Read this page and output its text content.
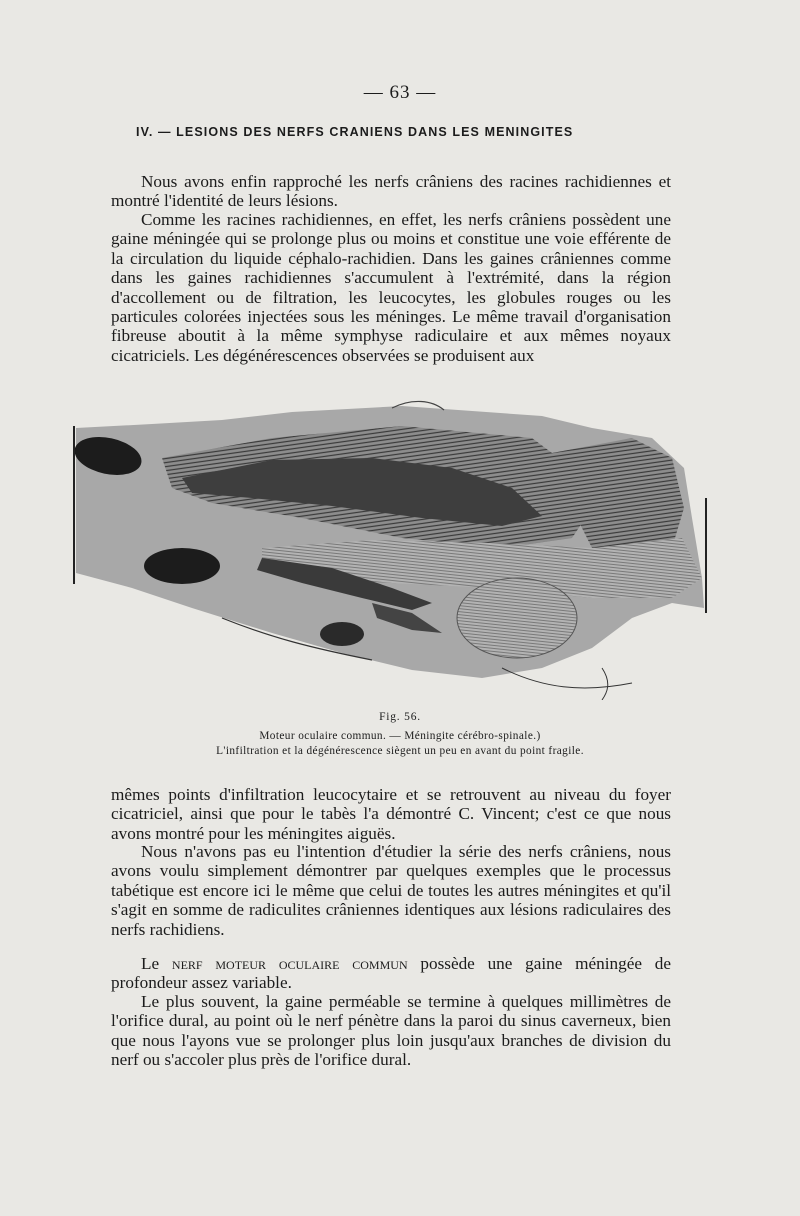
— 63 —
IV. — LESIONS DES NERFS CRANIENS DANS LES MENINGITES

Nous avons enfin rapproché les nerfs crâniens des racines rachidiennes et montré l'identité de leurs lésions.

Comme les racines rachidiennes, en effet, les nerfs crâniens possèdent une gaine méningée qui se prolonge plus ou moins et constitue une voie efférente de la circulation du liquide céphalo-rachidien. Dans les gaines crâniennes comme dans les gaines rachidiennes s'accumulent à l'extrémité, dans la région d'accollement ou de filtration, les leucocytes, les globules rouges ou les particules colorées injectées sous les méninges. Le même travail d'organisation fibreuse aboutit à la même symphyse radiculaire et aux mêmes noyaux cicatriciels. Les dégénérescences observées se produisent aux

Fig. 56.
Moteur oculaire commun. — Méningite cérébro-spinale.)
L'infiltration et la dégénérescence siègent un peu en avant du point fragile.

mêmes points d'infiltration leucocytaire et se retrouvent au niveau du foyer cicatriciel, ainsi que pour le tabès l'a démontré C. Vincent; c'est ce que nous avons montré pour les méningites aiguës.

Nous n'avons pas eu l'intention d'étudier la série des nerfs crâniens, nous avons voulu simplement démontrer par quelques exemples que le processus tabétique est encore ici le même que celui de toutes les autres méningites et qu'il s'agit en somme de radiculites crâniennes identiques aux lésions radiculaires des nerfs rachidiens.

Le nerf moteur oculaire commun possède une gaine méningée de profondeur assez variable.

Le plus souvent, la gaine perméable se termine à quelques millimètres de l'orifice dural, au point où le nerf pénètre dans la paroi du sinus caverneux, bien que nous l'ayons vue se prolonger plus loin jusqu'aux branches de division du nerf ou s'accoler plus près de l'orifice dural.
